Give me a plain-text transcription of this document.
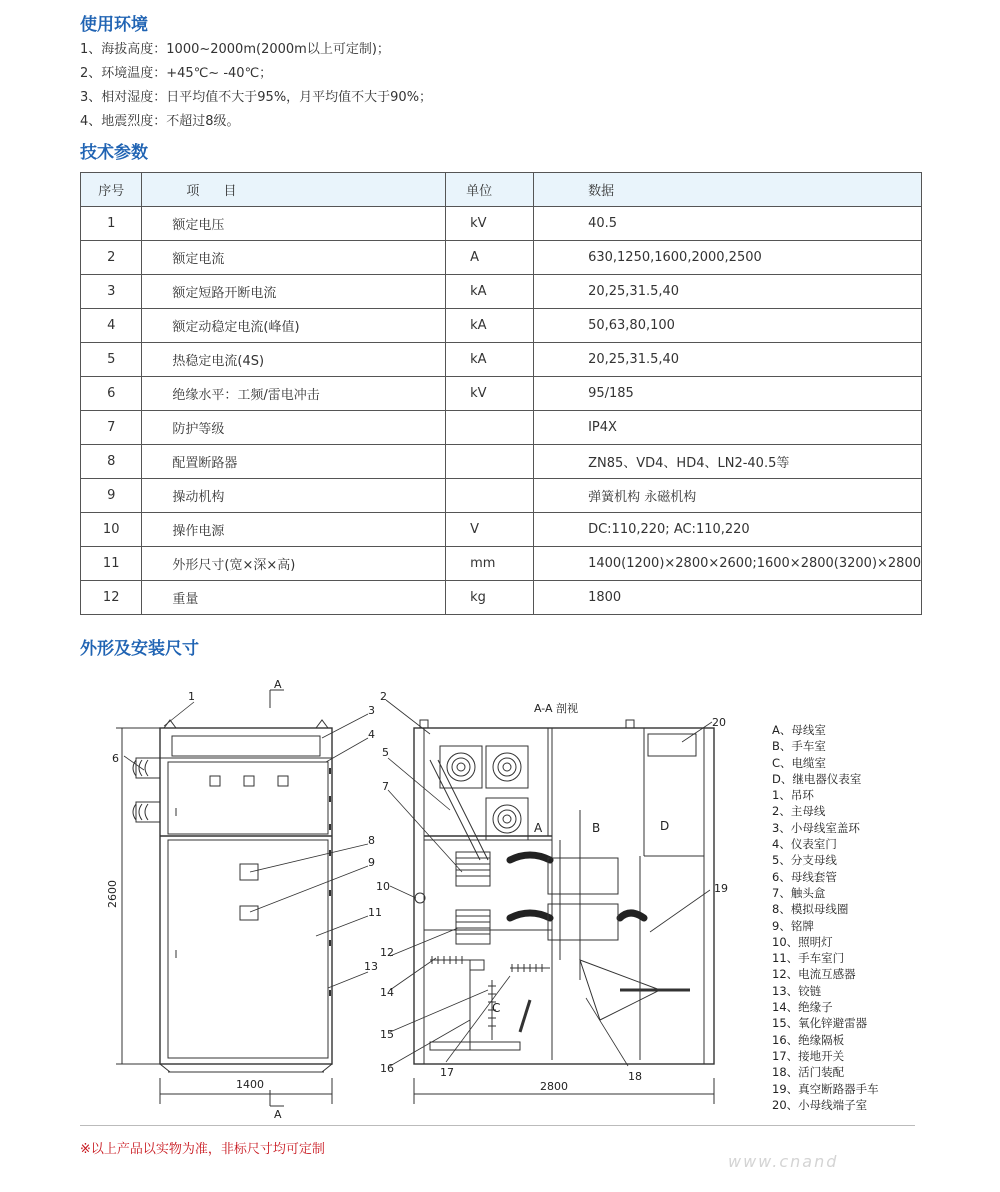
使用环境
1、海拔高度：1000~2000m(2000m以上可定制)；
2、环境温度：+45℃~ -40℃；
3、相对湿度：日平均值不大于95%，月平均值不大于90%；
4、地震烈度：不超过8级。
技术参数
序号	项 目	单位	数据
1	额定电压	kV	40.5
2	额定电流	A	630,1250,1600,2000,2500
3	额定短路开断电流	kA	20,25,31.5,40
4	额定动稳定电流(峰值)	kA	50,63,80,100
5	热稳定电流(4S)	kA	20,25,31.5,40
6	绝缘水平：工频/雷电冲击	kV	95/185
7	防护等级		IP4X
8	配置断路器		ZN85、VD4、HD4、LN2-40.5等
9	操动机构		弹簧机构 永磁机构
10	操作电源	V	DC:110,220; AC:110,220
11	外形尺寸(宽×深×高)	mm	1400(1200)×2800×2600;1600×2800(3200)×2800
12	重量	kg	1800
外形及安装尺寸
A
A
A-A 剖视
1400	2800
2600
A	B
C
D
1
3
4
6
8
9
11
13
2
5
7
10
12
14
15
16	17	18
19
20
A、母线室
B、手车室
C、电缆室
D、继电器仪表室
1、吊环
2、主母线
3、小母线室盖环
4、仪表室门
5、分支母线
6、母线套管
7、触头盒
8、模拟母线圈
9、铭牌
10、照明灯
11、手车室门
12、电流互感器
13、铰链
14、绝缘子
15、氧化锌避雷器
16、绝缘隔板
17、接地开关
18、活门装配
19、真空断路器手车
20、小母线端子室
※以上产品以实物为准，非标尺寸均可定制
www.cnand
